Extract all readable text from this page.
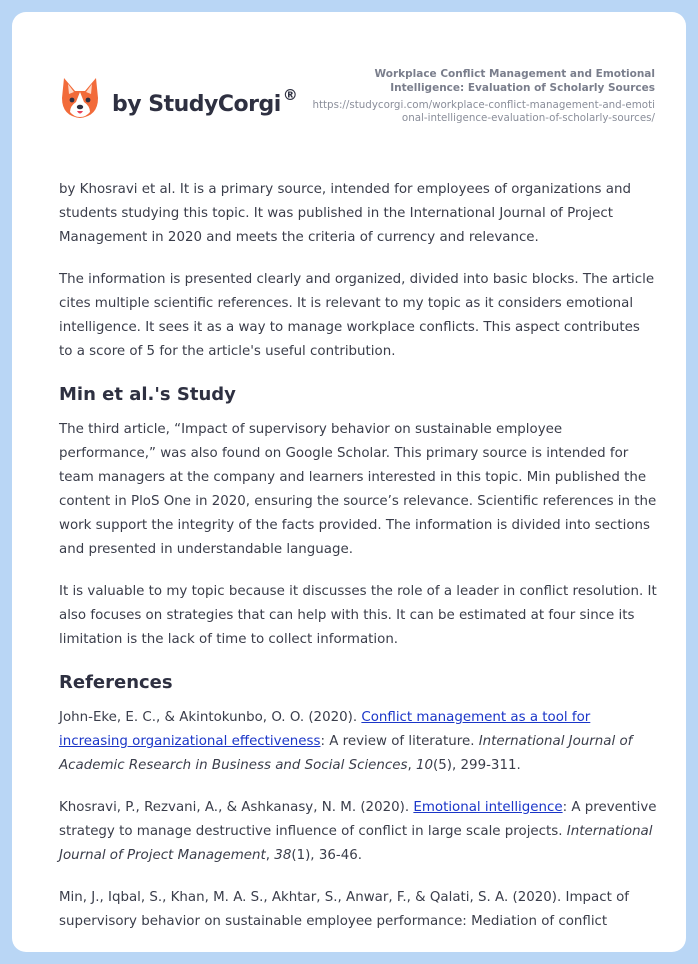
by StudyCorgi ®
Workplace Conflict Management and Emotional Intelligence: Evaluation of Scholarly Sources
https://studycorgi.com/workplace-conflict-management-and-emotional-intelligence-evaluation-of-scholarly-sources/

by Khosravi et al. It is a primary source, intended for employees of organizations and students studying this topic. It was published in the International Journal of Project Management in 2020 and meets the criteria of currency and relevance.

The information is presented clearly and organized, divided into basic blocks. The article cites multiple scientific references. It is relevant to my topic as it considers emotional intelligence. It sees it as a way to manage workplace conflicts. This aspect contributes to a score of 5 for the article's useful contribution.

Min et al.'s Study

The third article, “Impact of supervisory behavior on sustainable employee performance,” was also found on Google Scholar. This primary source is intended for team managers at the company and learners interested in this topic. Min published the content in PloS One in 2020, ensuring the source’s relevance. Scientific references in the work support the integrity of the facts provided. The information is divided into sections and presented in understandable language.

It is valuable to my topic because it discusses the role of a leader in conflict resolution. It also focuses on strategies that can help with this. It can be estimated at four since its limitation is the lack of time to collect information.

References

John-Eke, E. C., & Akintokunbo, O. O. (2020). Conflict management as a tool for increasing organizational effectiveness: A review of literature. International Journal of Academic Research in Business and Social Sciences, 10(5), 299-311.

Khosravi, P., Rezvani, A., & Ashkanasy, N. M. (2020). Emotional intelligence: A preventive strategy to manage destructive influence of conflict in large scale projects. International Journal of Project Management, 38(1), 36-46.

Min, J., Iqbal, S., Khan, M. A. S., Akhtar, S., Anwar, F., & Qalati, S. A. (2020). Impact of supervisory behavior on sustainable employee performance: Mediation of conflict
